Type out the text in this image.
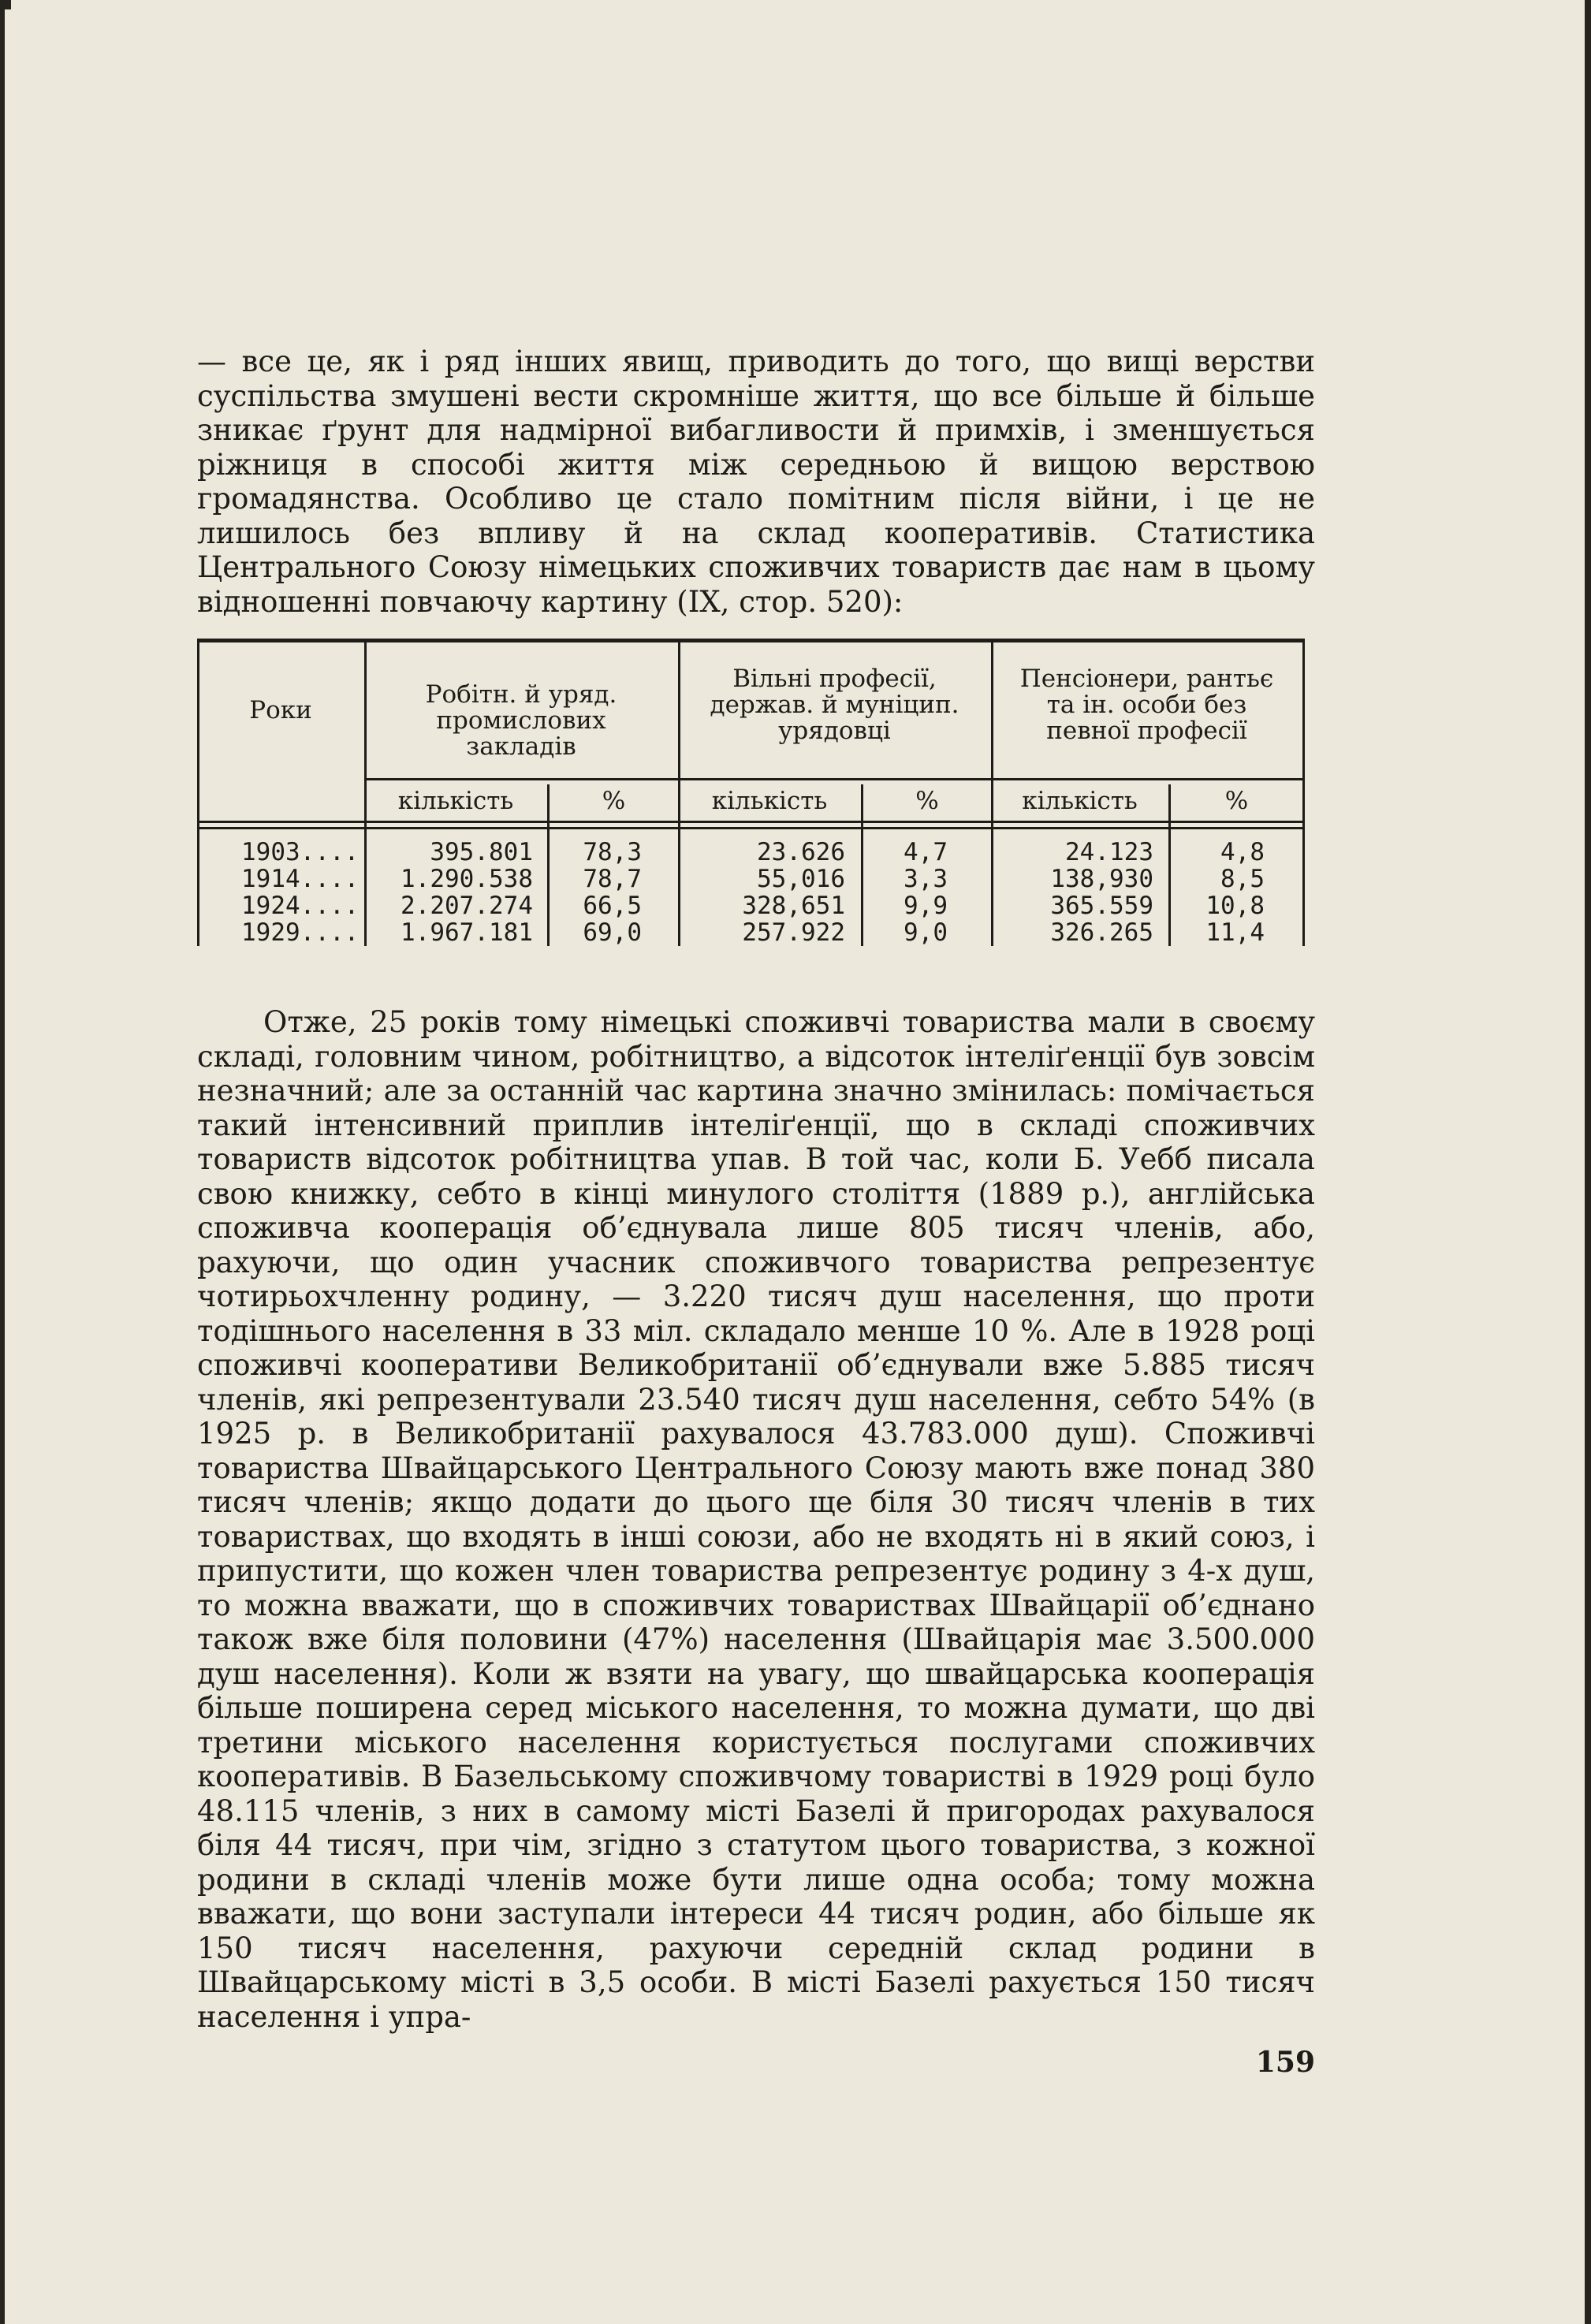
— все це, як і ряд інших явищ, приводить до того, що вищі верстви суспільства змушені вести скромніше життя, що все більше й більше зникає ґрунт для надмірної вибагливости й примхів, і зменшується ріжниця в способі життя між середньою й вищою верствою громадянства. Особливо це стало помітним після війни, і це не лишилось без впливу й на склад кооперативів. Статистика Центрального Союзу німецьких споживчих товариств дає нам в цьому відношенні повчаючу картину (IX, стор. 520):

Роки
Робітн. й уряд. промислових закладів
Вільні професії, держав. й муніцип. урядовці
Пенсіонери, рантьє та ін. особи без певної професії
кількість	%	кількість	%	кількість	%
1903....	395.801	78,3	23.626	4,7	24.123	4,8
1914....	1.290.538	78,7	55,016	3,3	138,930	8,5
1924....	2.207.274	66,5	328,651	9,9	365.559	10,8
1929....	1.967.181	69,0	257.922	9,0	326.265	11,4

Отже, 25 років тому німецькі споживчі товариства мали в своєму складі, головним чином, робітництво, а відсоток інтеліґенції був зовсім незначний; але за останній час картина значно змінилась: помічається такий інтенсивний приплив інтеліґенції, що в складі споживчих товариств відсоток робітництва упав. В той час, коли Б. Уебб писала свою книжку, себто в кінці минулого століття (1889 р.), англійська споживча кооперація об’єднувала лише 805 тисяч членів, або, рахуючи, що один учасник споживчого товариства репрезентує чотирьохчленну родину, — 3.220 тисяч душ населення, що проти тодішнього населення в 33 міл. складало менше 10 %. Але в 1928 році споживчі кооперативи Великобританії об’єднували вже 5.885 тисяч членів, які репрезентували 23.540 тисяч душ населення, себто 54% (в 1925 р. в Великобританії рахувалося 43.783.000 душ). Споживчі товариства Швайцарського Центрального Союзу мають вже понад 380 тисяч членів; якщо додати до цього ще біля 30 тисяч членів в тих товариствах, що входять в інші союзи, або не входять ні в який союз, і припустити, що кожен член товариства репрезентує родину з 4-х душ, то можна вважати, що в споживчих товариствах Швайцарії об’єднано також вже біля половини (47%) населення (Швайцарія має 3.500.000 душ населення). Коли ж взяти на увагу, що швайцарська кооперація більше поширена серед міського населення, то можна думати, що дві третини міського населення користується послугами споживчих кооперативів. В Базельському споживчому товаристві в 1929 році було 48.115 членів, з них в самому місті Базелі й пригородах рахувалося біля 44 тисяч, при чім, згідно з статутом цього товариства, з кожної родини в складі членів може бути лише одна особа; тому можна вважати, що вони заступали інтереси 44 тисяч родин, або більше як 150 тисяч населення, рахуючи середній склад родини в Швайцарському місті в 3,5 особи. В місті Базелі рахується 150 тисяч населення і упра-

159
